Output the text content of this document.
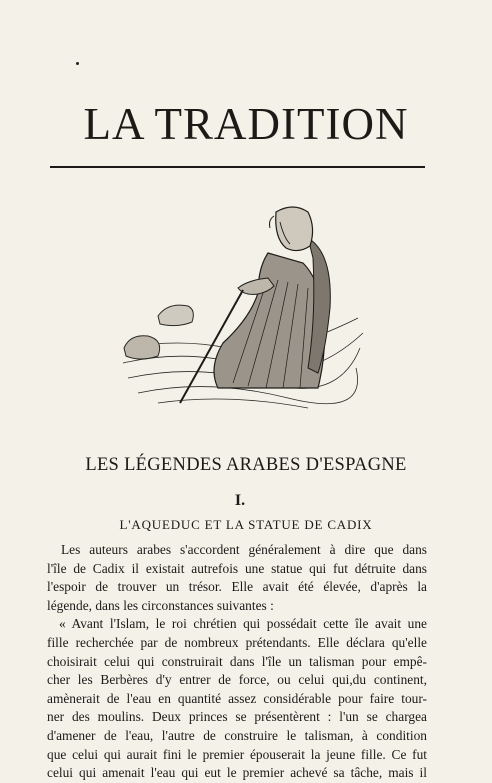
LA TRADITION
LES LÉGENDES ARABES D'ESPAGNE
I.
L'AQUEDUC ET LA STATUE DE CADIX
Les auteurs arabes s'accordent généralement à dire que dans
l'île de Cadix il existait autrefois une statue qui fut détruite dans
l'espoir de trouver un trésor. Elle avait été élevée, d'après la
légende, dans les circonstances suivantes :
« Avant l'Islam, le roi chrétien qui possédait cette île avait une
fille recherchée par de nombreux prétendants. Elle déclara qu'elle
choisirait celui qui construirait dans l'île un talisman pour empê-
cher les Berbères d'y entrer de force, ou celui qui,du continent,
amènerait de l'eau en quantité assez considérable pour faire tour-
ner des moulins. Deux princes se présentèrent : l'un se chargea
d'amener de l'eau, l'autre de construire le talisman, à condition
que celui qui aurait fini le premier épouserait la jeune fille. Ce fut
celui qui amenait l'eau qui eut le premier achevé sa tâche, mais il
